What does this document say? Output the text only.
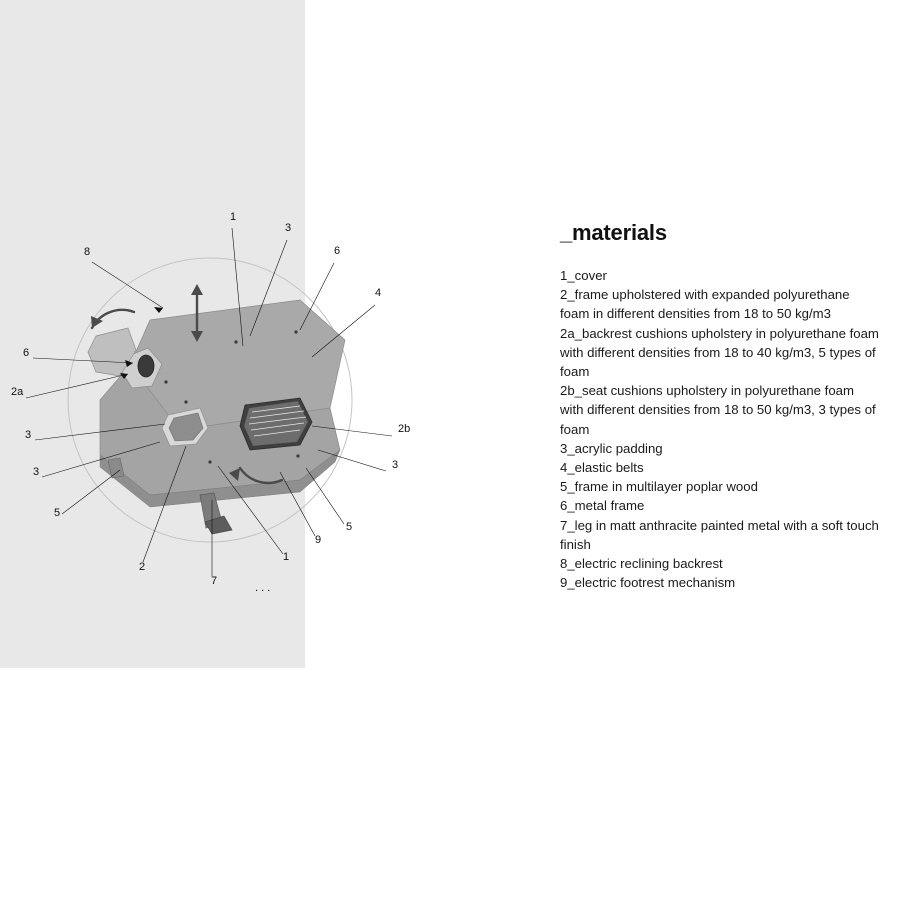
1
3
6
8
4
6
2a
3	2b
3
3
5
5
9
1
2
7
. . .
_materials

1_cover

2_frame upholstered with expanded polyurethane foam in different densities from 18 to 50 kg/m3

2a_backrest cushions upholstery in polyurethane foam with different densities from 18 to 40 kg/m3, 5 types of foam

2b_seat cushions upholstery in polyurethane foam with different densities from 18 to 50 kg/m3, 3 types of foam

3_acrylic padding

4_elastic belts

5_frame in multilayer poplar wood

6_metal frame

7_leg in matt anthracite painted metal with a soft touch finish

8_electric reclining backrest

9_electric footrest mechanism
